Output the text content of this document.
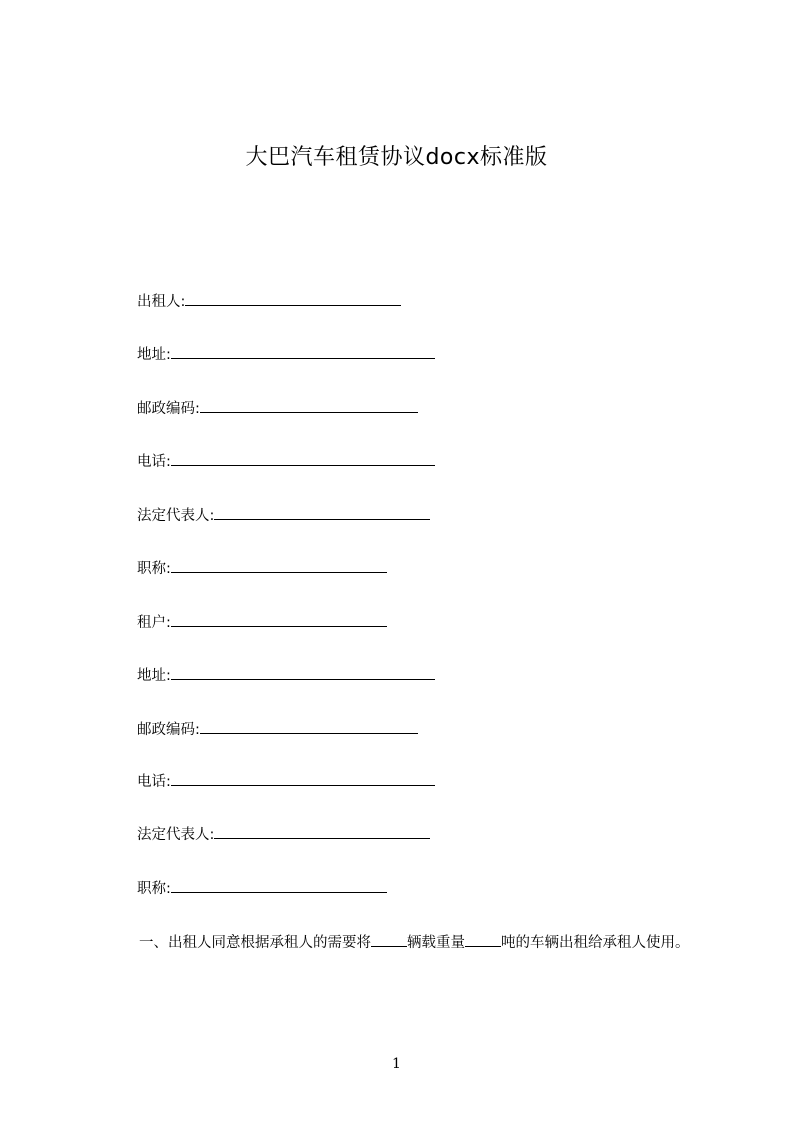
大巴汽车租赁协议docx标准版
出租人:
地址:
邮政编码:
电话:
法定代表人:
职称:
租户:
地址:
邮政编码:
电话:
法定代表人:
职称:
一、出租人同意根据承租人的需要将 辆载重量 吨的车辆出租给承租人使用。
1
